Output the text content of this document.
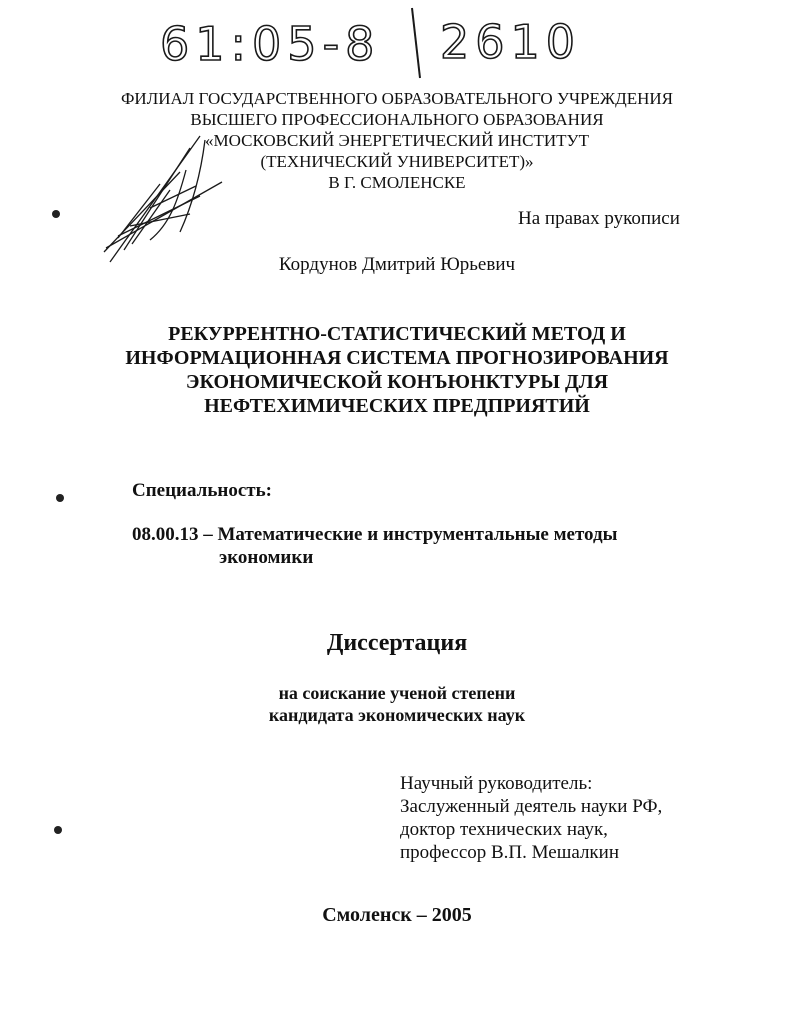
61:05-8 2610
ФИЛИАЛ ГОСУДАРСТВЕННОГО ОБРАЗОВАТЕЛЬНОГО УЧРЕЖДЕНИЯ
ВЫСШЕГО ПРОФЕССИОНАЛЬНОГО ОБРАЗОВАНИЯ
«МОСКОВСКИЙ ЭНЕРГЕТИЧЕСКИЙ ИНСТИТУТ
(ТЕХНИЧЕСКИЙ УНИВЕРСИТЕТ)»
В Г. СМОЛЕНСКЕ
На правах рукописи
Кордунов Дмитрий Юрьевич
РЕКУРРЕНТНО-СТАТИСТИЧЕСКИЙ МЕТОД И
ИНФОРМАЦИОННАЯ СИСТЕМА ПРОГНОЗИРОВАНИЯ
ЭКОНОМИЧЕСКОЙ КОНЪЮНКТУРЫ ДЛЯ
НЕФТЕХИМИЧЕСКИХ ПРЕДПРИЯТИЙ
Специальность:
08.00.13 – Математические и инструментальные методы
экономики
Диссертация
на соискание ученой степени
кандидата экономических наук
Научный руководитель:
Заслуженный деятель науки РФ,
доктор технических наук,
профессор В.П. Мешалкин
Смоленск – 2005
